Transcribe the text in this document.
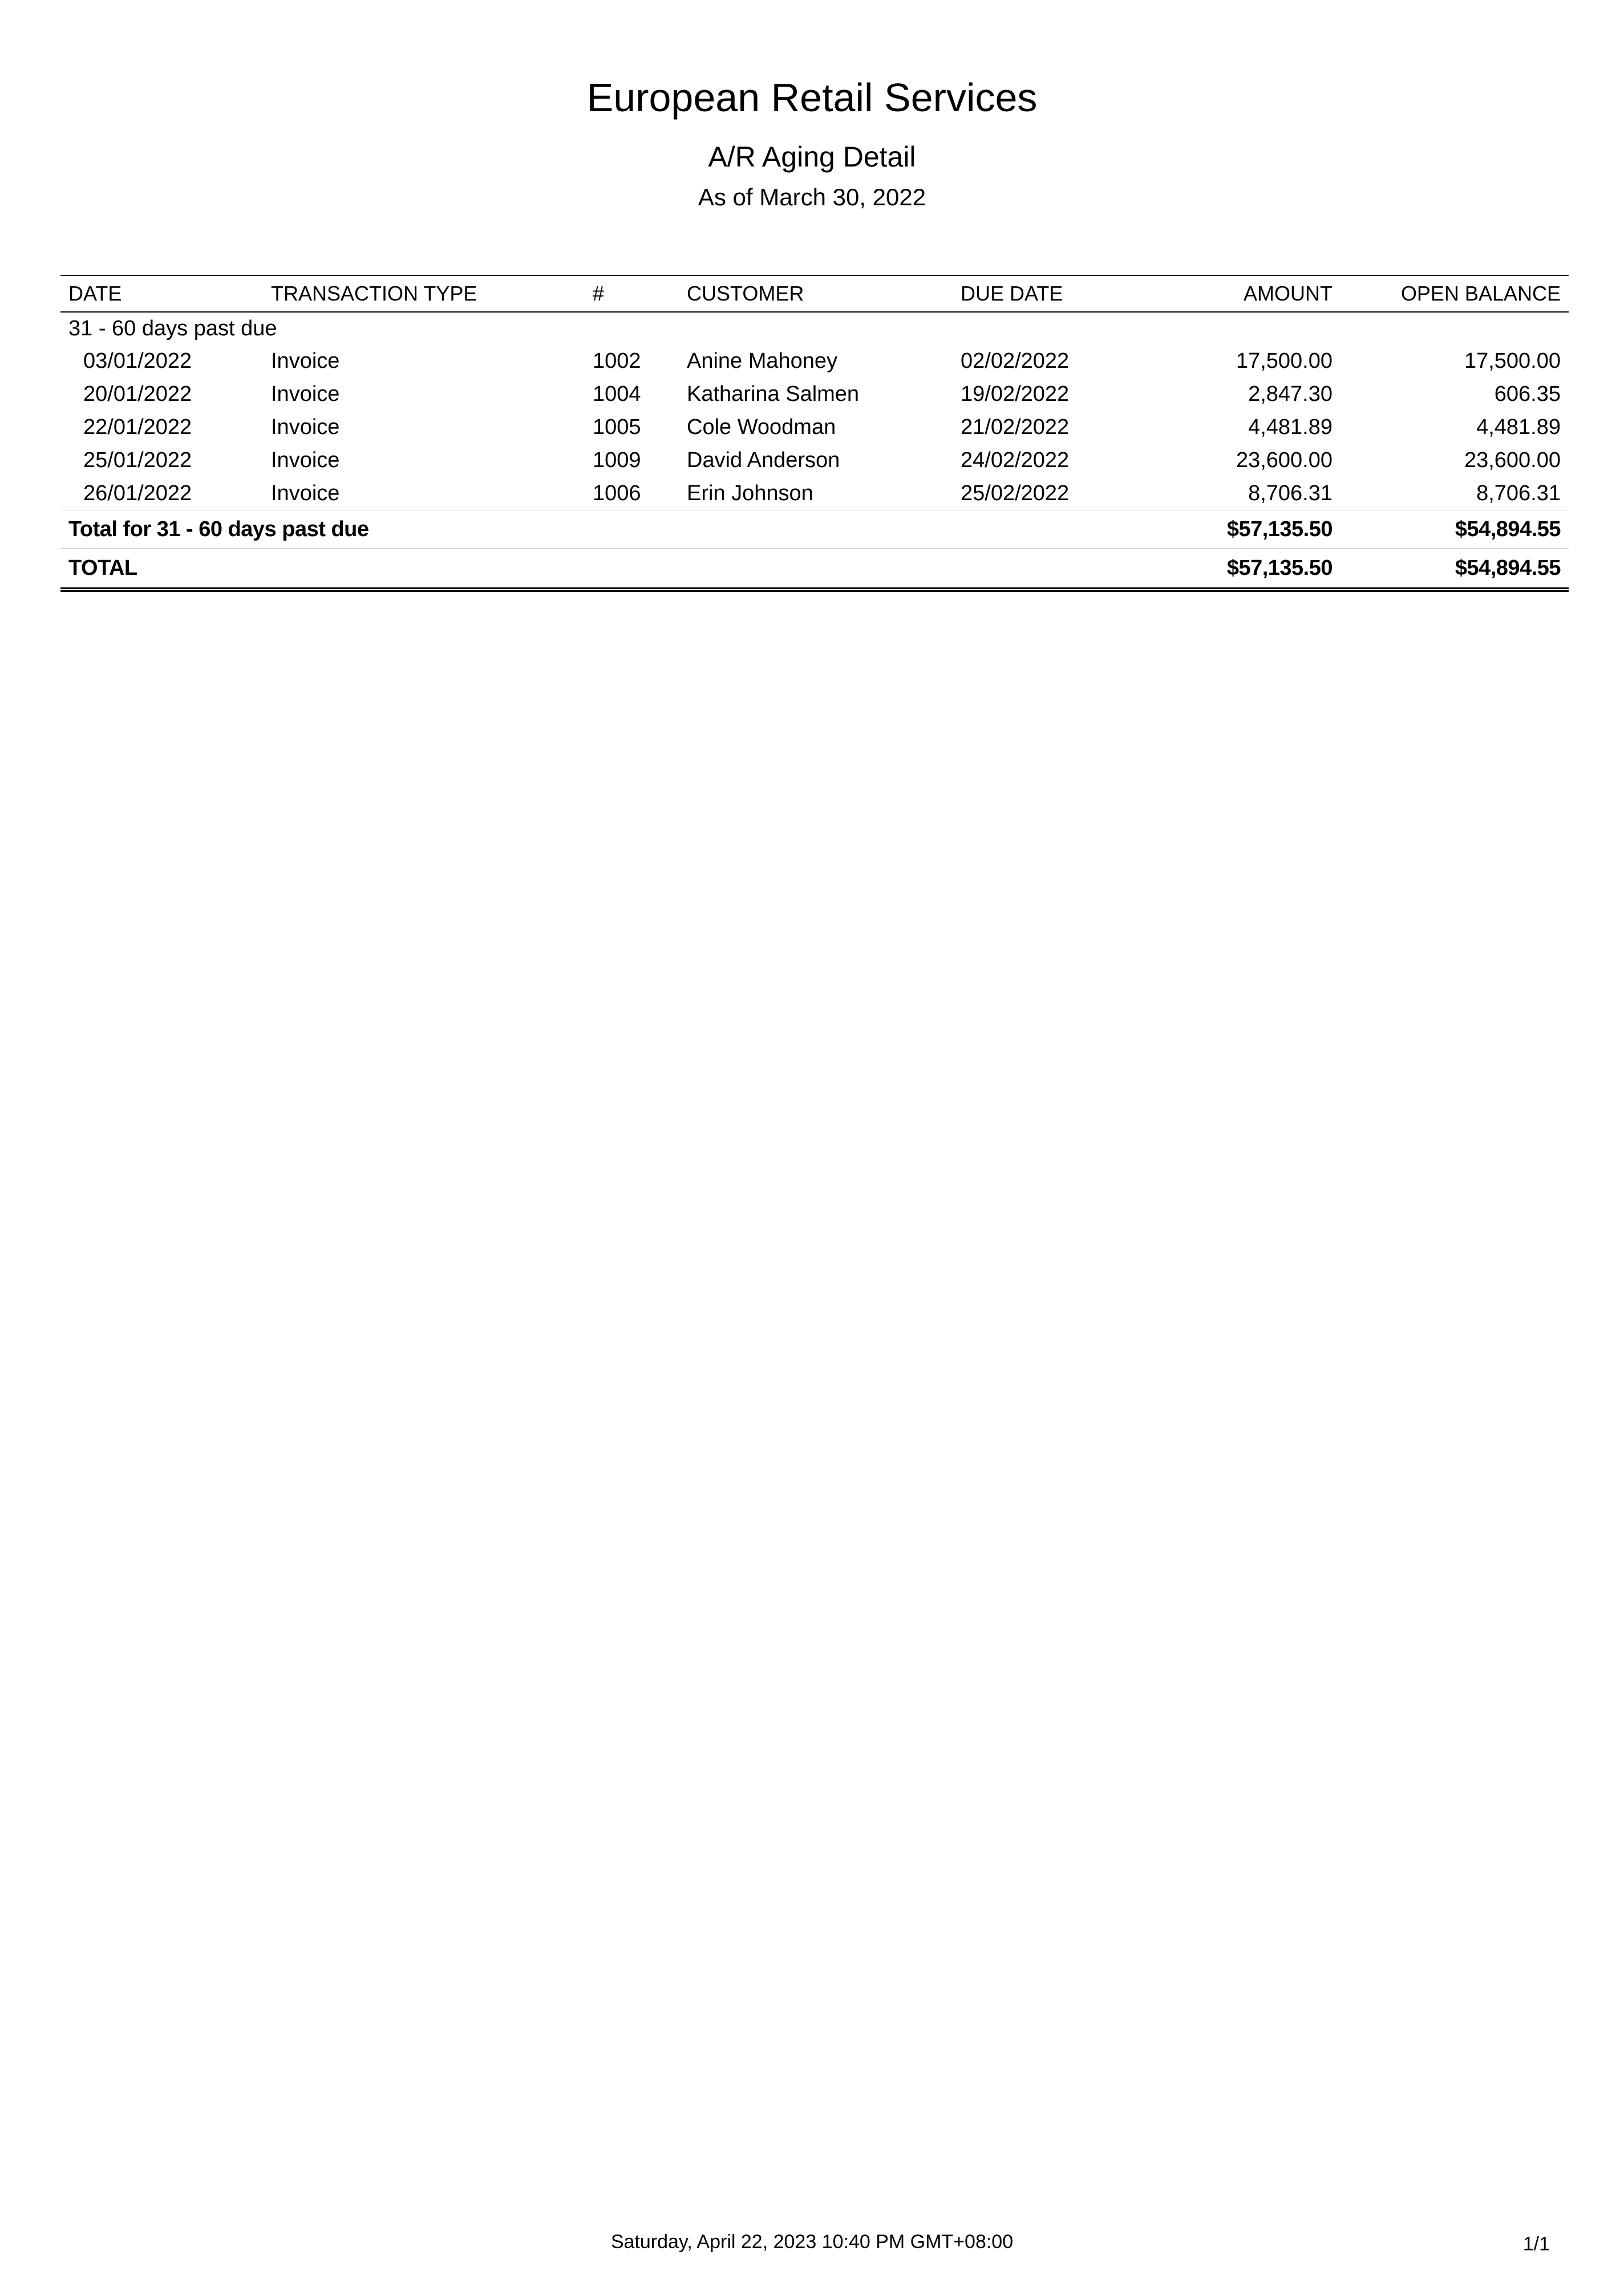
European Retail Services
A/R Aging Detail
As of March 30, 2022
DATE	TRANSACTION TYPE	#	CUSTOMER	DUE DATE	AMOUNT	OPEN BALANCE
31 - 60 days past due						
03/01/2022	Invoice	1002	Anine Mahoney	02/02/2022	17,500.00	17,500.00
20/01/2022	Invoice	1004	Katharina Salmen	19/02/2022	2,847.30	606.35
22/01/2022	Invoice	1005	Cole Woodman	21/02/2022	4,481.89	4,481.89
25/01/2022	Invoice	1009	David Anderson	24/02/2022	23,600.00	23,600.00
26/01/2022	Invoice	1006	Erin Johnson	25/02/2022	8,706.31	8,706.31
Total for 31 - 60 days past due					$57,135.50	$54,894.55
TOTAL					$57,135.50	$54,894.55
Saturday, April 22, 2023 10:40 PM GMT+08:00	1/1
